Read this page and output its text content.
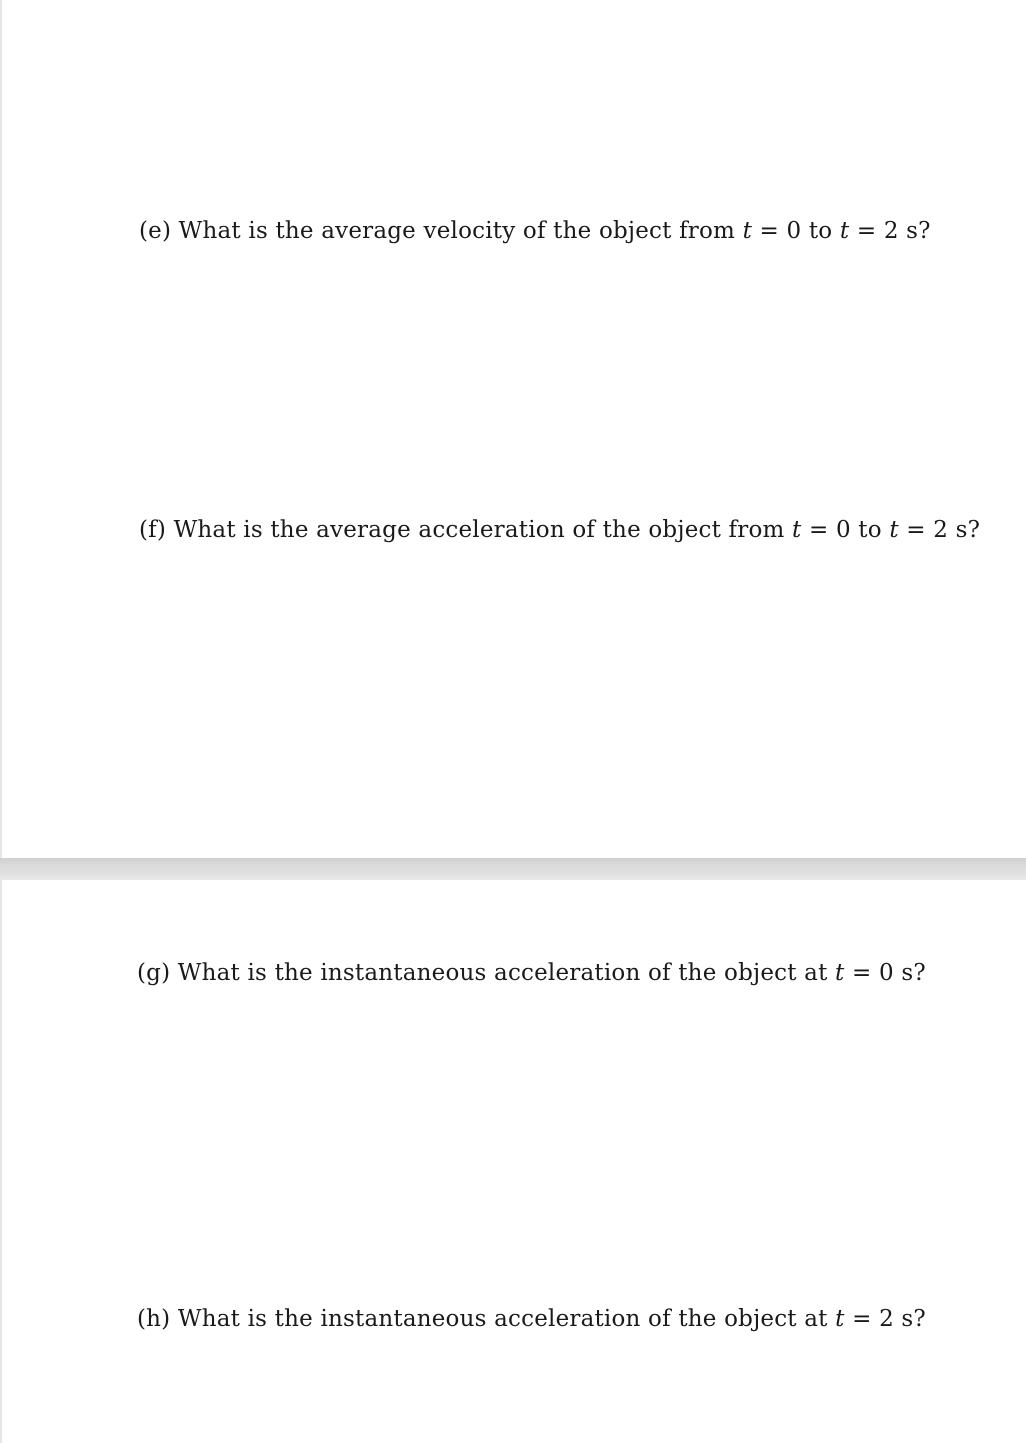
(e) What is the average velocity of the object from t = 0 to t = 2 s?
(f) What is the average acceleration of the object from t = 0 to t = 2 s?
(g) What is the instantaneous acceleration of the object at t = 0 s?
(h) What is the instantaneous acceleration of the object at t = 2 s?
